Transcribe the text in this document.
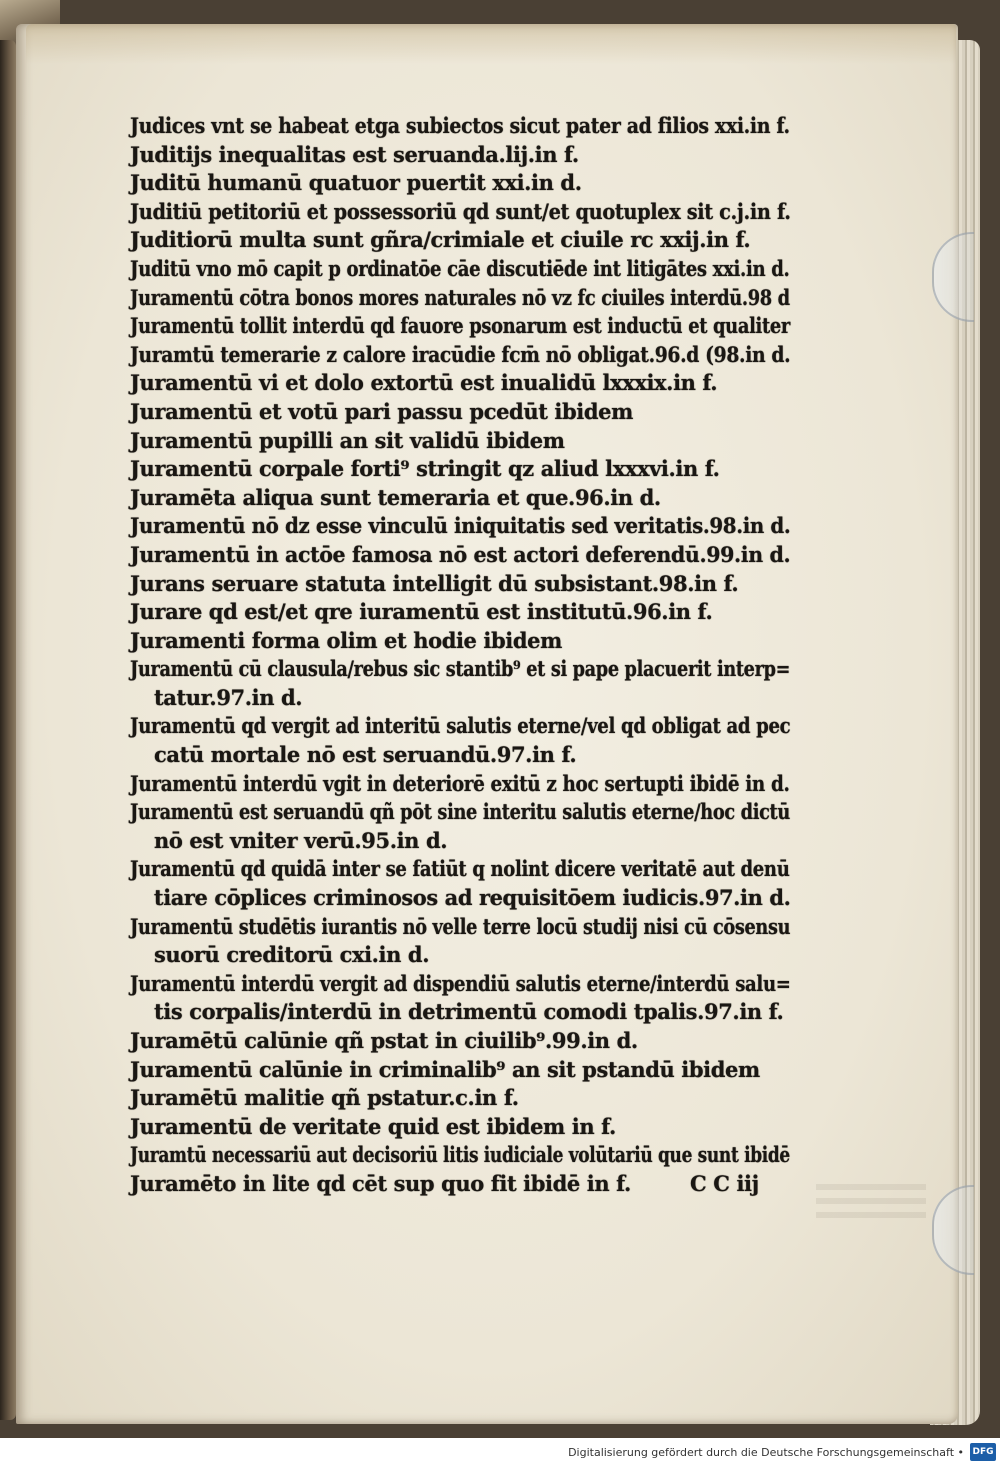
Judices vnt se habeat etga subiectos sicut pater ad filios xxi.in f.
Juditijs inequalitas est seruanda.lij.in f.
Juditū humanū quatuor puertit xxi.in d.
Juditiū petitoriū et possessoriū qd sunt/et quotuplex sit c.j.in f.
Juditiorū multa sunt gñra/crimiale et ciuile rc xxij.in f.
Juditū vno mō capit p ordinatōe cāe discutiēde int litigātes xxi.in d.
Juramentū cōtra bonos mores naturales nō vz fc ciuiles interdū.98 d
Juramentū tollit interdū qd fauore psonarum est inductū et qualiter
Juramtū temerarie z calore iracūdie fcm̄ nō obligat.96.d (98.in d.
Juramentū vi et dolo extortū est inualidū lxxxix.in f.
Juramentū et votū pari passu pcedūt ibidem
Juramentū pupilli an sit validū ibidem
Juramentū corpale forti⁹ stringit qz aliud lxxxvi.in f.
Juramēta aliqua sunt temeraria et que.96.in d.
Juramentū nō dz esse vinculū iniquitatis sed veritatis.98.in d.
Juramentū in actōe famosa nō est actori deferendū.99.in d.
Jurans seruare statuta intelligit dū subsistant.98.in f.
Jurare qd est/et qre iuramentū est institutū.96.in f.
Juramenti forma olim et hodie ibidem
Juramentū cū clausula/rebus sic stantib⁹ et si pape placuerit interp=
tatur.97.in d.
Juramentū qd vergit ad interitū salutis eterne/vel qd obligat ad pec
catū mortale nō est seruandū.97.in f.
Juramentū interdū vgit in deteriorē exitū z hoc sertupti ibidē in d.
Juramentū est seruandū qñ pōt sine interitu salutis eterne/hoc dictū
nō est vniter verū.95.in d.
Juramentū qd quidā inter se fatiūt q nolint dicere veritatē aut denū
tiare cōplices criminosos ad requisitōem iudicis.97.in d.
Juramentū studētis iurantis nō velle terre locū studij nisi cū cōsensu
suorū creditorū cxi.in d.
Juramentū interdū vergit ad dispendiū salutis eterne/interdū salu=
tis corpalis/interdū in detrimentū comodi tpalis.97.in f.
Juramētū calūnie qñ pstat in ciuilib⁹.99.in d.
Juramentū calūnie in criminalib⁹ an sit pstandū ibidem
Juramētū malitie qñ pstatur.c.in f.
Juramentū de veritate quid est ibidem in f.
Juramtū necessariū aut decisoriū litis iudiciale volūtariū que sunt ibidē
Juramēto in lite qd cēt sup quo fit ibidē in f.	C C iij
Digitalisierung gefördert durch die Deutsche Forschungsgemeinschaft • DFG
